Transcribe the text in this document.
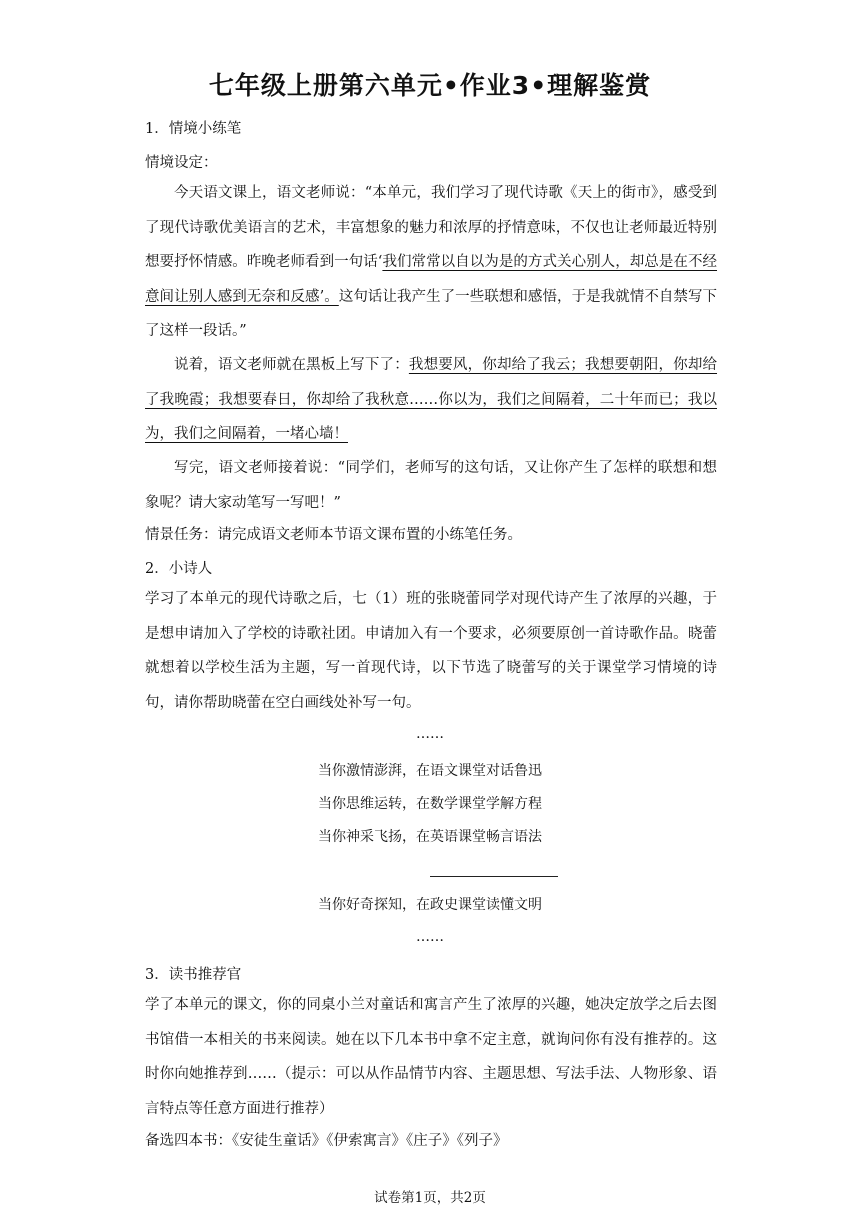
七年级上册第六单元•作业3•理解鉴赏
1．情境小练笔
情境设定：
今天语文课上，语文老师说：“本单元，我们学习了现代诗歌《天上的街市》，感受到了现代诗歌优美语言的艺术，丰富想象的魅力和浓厚的抒情意味，不仅也让老师最近特别想要抒怀情感。昨晚老师看到一句话‘我们常常以自以为是的方式关心别人，却总是在不经意间让别人感到无奈和反感’。这句话让我产生了一些联想和感悟，于是我就情不自禁写下了这样一段话。”
说着，语文老师就在黑板上写下了：我想要风，你却给了我云；我想要朝阳，你却给了我晚霞；我想要春日，你却给了我秋意……你以为，我们之间隔着，二十年而已；我以为，我们之间隔着，一堵心墙！
写完，语文老师接着说：“同学们，老师写的这句话，又让你产生了怎样的联想和想象呢？请大家动笔写一写吧！”
情景任务：请完成语文老师本节语文课布置的小练笔任务。
2．小诗人
学习了本单元的现代诗歌之后，七（1）班的张晓蕾同学对现代诗产生了浓厚的兴趣，于是想申请加入了学校的诗歌社团。申请加入有一个要求，必须要原创一首诗歌作品。晓蕾就想着以学校生活为主题，写一首现代诗，以下节选了晓蕾写的关于课堂学习情境的诗句，请你帮助晓蕾在空白画线处补写一句。
……
当你激情澎湃，在语文课堂对话鲁迅
当你思维运转，在数学课堂学解方程
当你神采飞扬，在英语课堂畅言语法
当你好奇探知，在政史课堂读懂文明
……
3．读书推荐官
学了本单元的课文，你的同桌小兰对童话和寓言产生了浓厚的兴趣，她决定放学之后去图书馆借一本相关的书来阅读。她在以下几本书中拿不定主意，就询问你有没有推荐的。这时你向她推荐到……（提示：可以从作品情节内容、主题思想、写法手法、人物形象、语言特点等任意方面进行推荐）
备选四本书：《安徒生童话》《伊索寓言》《庄子》《列子》
试卷第1页，共2页
